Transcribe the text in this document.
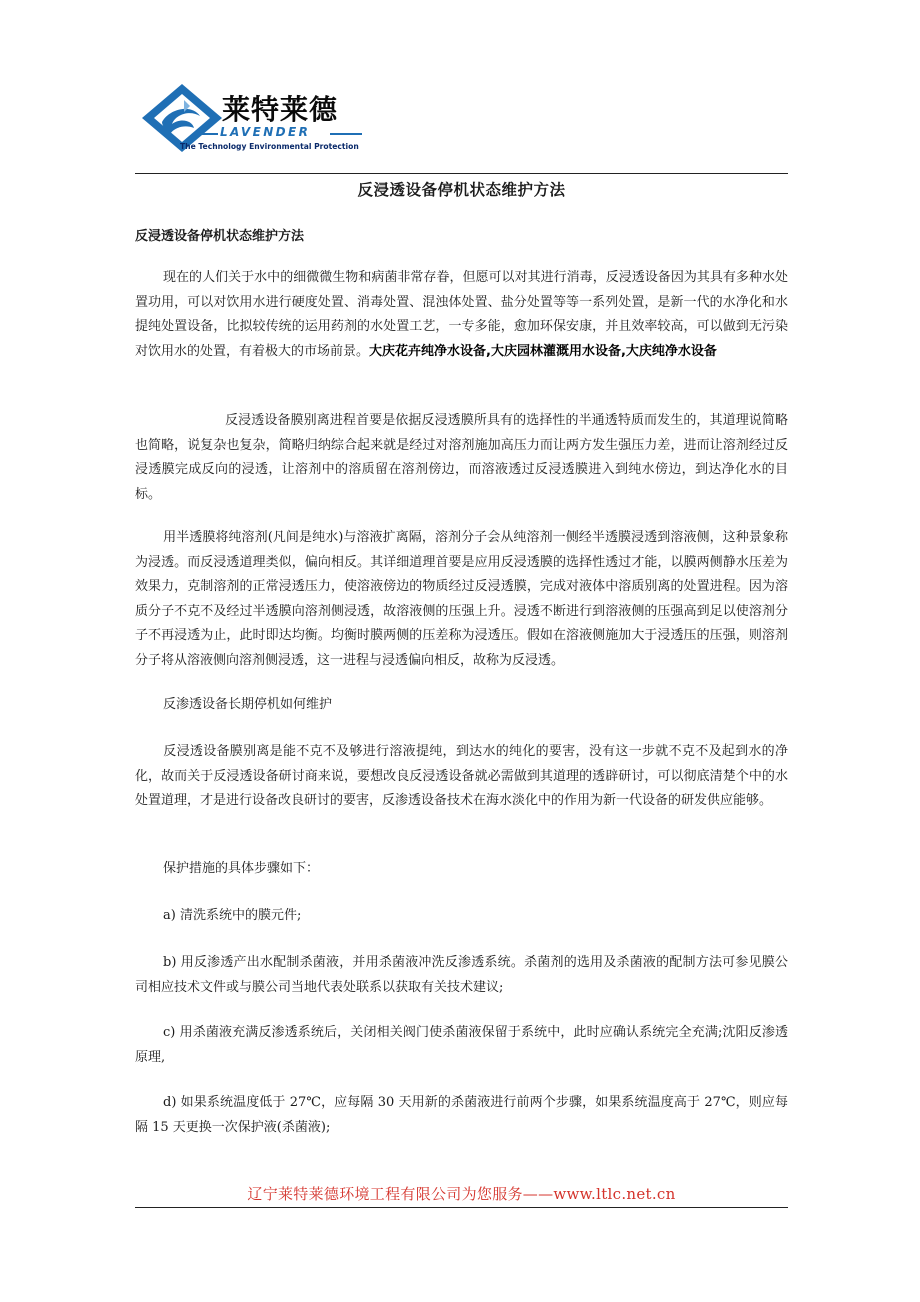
莱特莱德
LAVENDER
The Technology Environmental Protection
反浸透设备停机状态维护方法
反浸透设备停机状态维护方法
现在的人们关于水中的细微微生物和病菌非常存眷，但愿可以对其进行消毒，反浸透设备因为其具有多种水处置功用，可以对饮用水进行硬度处置、消毒处置、混浊体处置、盐分处置等等一系列处置，是新一代的水净化和水提纯处置设备，比拟较传统的运用药剂的水处置工艺，一专多能，愈加环保安康，并且效率较高，可以做到无污染对饮用水的处置，有着极大的市场前景。大庆花卉纯净水设备,大庆园林灌溉用水设备,大庆纯净水设备
反浸透设备膜别离进程首要是依据反浸透膜所具有的选择性的半通透特质而发生的，其道理说简略也简略，说复杂也复杂，简略归纳综合起来就是经过对溶剂施加高压力而让两方发生强压力差，进而让溶剂经过反浸透膜完成反向的浸透，让溶剂中的溶质留在溶剂傍边，而溶液透过反浸透膜进入到纯水傍边，到达净化水的目标。
用半透膜将纯溶剂(凡间是纯水)与溶液扩离隔，溶剂分子会从纯溶剂一侧经半透膜浸透到溶液侧，这种景象称为浸透。而反浸透道理类似，偏向相反。其详细道理首要是应用反浸透膜的选择性透过才能，以膜两侧静水压差为效果力，克制溶剂的正常浸透压力，使溶液傍边的物质经过反浸透膜，完成对液体中溶质别离的处置进程。因为溶质分子不克不及经过半透膜向溶剂侧浸透，故溶液侧的压强上升。浸透不断进行到溶液侧的压强高到足以使溶剂分子不再浸透为止，此时即达均衡。均衡时膜两侧的压差称为浸透压。假如在溶液侧施加大于浸透压的压强，则溶剂分子将从溶液侧向溶剂侧浸透，这一进程与浸透偏向相反，故称为反浸透。
反渗透设备长期停机如何维护
反浸透设备膜别离是能不克不及够进行溶液提纯，到达水的纯化的要害，没有这一步就不克不及起到水的净化，故而关于反浸透设备研讨商来说，要想改良反浸透设备就必需做到其道理的透辟研讨，可以彻底清楚个中的水处置道理，才是进行设备改良研讨的要害，反渗透设备技术在海水淡化中的作用为新一代设备的研发供应能够。
保护措施的具体步骤如下：
a) 清洗系统中的膜元件;
b) 用反渗透产出水配制杀菌液，并用杀菌液冲洗反渗透系统。杀菌剂的选用及杀菌液的配制方法可参见膜公司相应技术文件或与膜公司当地代表处联系以获取有关技术建议;
c) 用杀菌液充满反渗透系统后，关闭相关阀门使杀菌液保留于系统中，此时应确认系统完全充满;沈阳反渗透原理,
d) 如果系统温度低于 27℃，应每隔 30 天用新的杀菌液进行前两个步骤，如果系统温度高于 27℃，则应每隔 15 天更换一次保护液(杀菌液);
辽宁莱特莱德环境工程有限公司为您服务——www.ltlc.net.cn
